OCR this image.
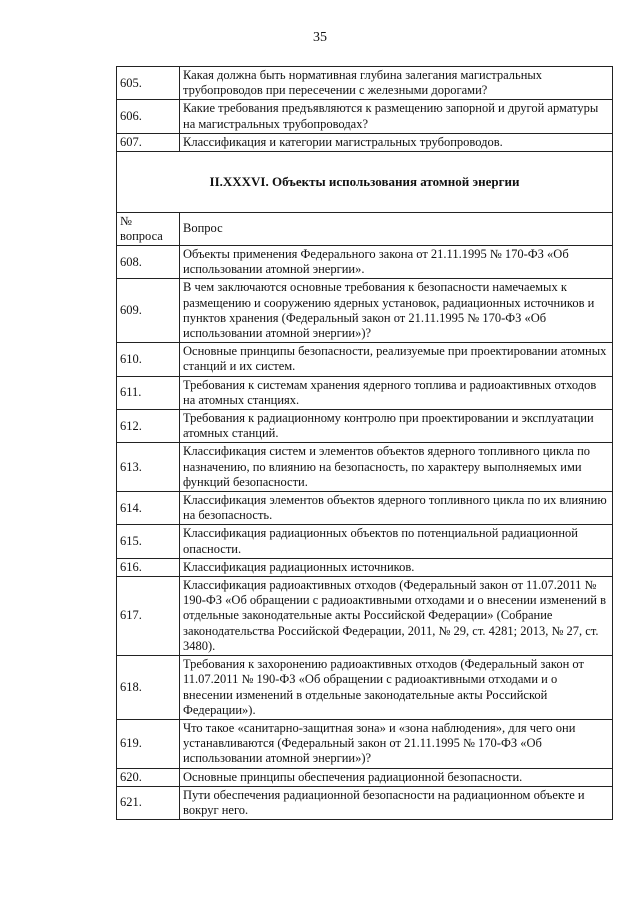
35
605.	Какая должна быть нормативная глубина залегания магистральных трубопроводов при пересечении с железными дорогами?
606.	Какие требования предъявляются к размещению запорной и другой арматуры на магистральных трубопроводах?
607.	Классификация и категории магистральных трубопроводов.
II.XXXVI. Объекты использования атомной энергии	
№ вопроса	Вопрос
608.	Объекты применения Федерального закона от 21.11.1995 № 170-ФЗ «Об использовании атомной энергии».
609.	В чем заключаются основные требования к безопасности намечаемых к размещению и сооружению ядерных установок, радиационных источников и пунктов хранения (Федеральный закон от 21.11.1995 № 170-ФЗ «Об использовании атомной энергии»)?
610.	Основные принципы безопасности, реализуемые при проектировании атомных станций и их систем.
611.	Требования к системам хранения ядерного топлива и радиоактивных отходов на атомных станциях.
612.	Требования к радиационному контролю при проектировании и эксплуатации атомных станций.
613.	Классификация систем и элементов объектов ядерного топливного цикла по назначению, по влиянию на безопасность, по характеру выполняемых ими функций безопасности.
614.	Классификация элементов объектов ядерного топливного цикла по их влиянию на безопасность.
615.	Классификация радиационных объектов по потенциальной радиационной опасности.
616.	Классификация радиационных источников.
617.	Классификация радиоактивных отходов (Федеральный закон от 11.07.2011 № 190-ФЗ «Об обращении с радиоактивными отходами и о внесении изменений в отдельные законодательные акты Российской Федерации» (Собрание законодательства Российской Федерации, 2011, № 29, ст. 4281; 2013, № 27, ст. 3480).
618.	Требования к захоронению радиоактивных отходов (Федеральный закон от 11.07.2011 № 190-ФЗ «Об обращении с радиоактивными отходами и о внесении изменений в отдельные законодательные акты Российской Федерации»).
619.	Что такое «санитарно-защитная зона» и «зона наблюдения», для чего они устанавливаются (Федеральный закон от 21.11.1995 № 170-ФЗ «Об использовании атомной энергии»)?
620.	Основные принципы обеспечения радиационной безопасности.
621.	Пути обеспечения радиационной безопасности на радиационном объекте и вокруг него.
